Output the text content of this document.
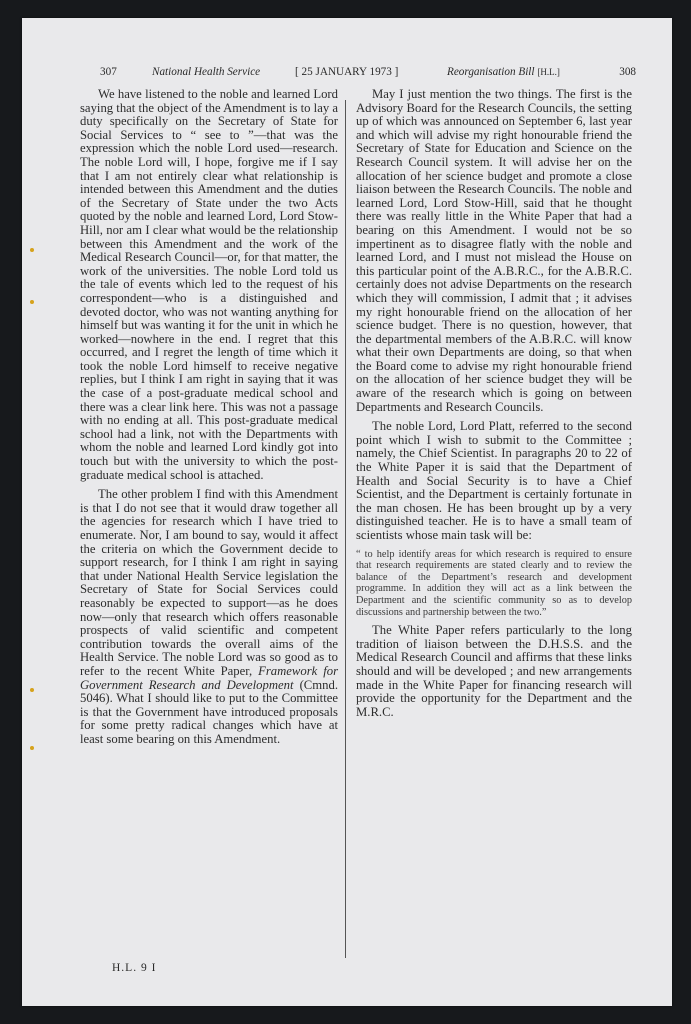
307	National Health Service	[ 25 JANUARY 1973 ]	Reorganisation Bill [H.L.]	308

We have listened to the noble and learned Lord saying that the object of the Amendment is to lay a duty specifically on the Secretary of State for Social Services to “ see to ”—that was the expression which the noble Lord used—research. The noble Lord will, I hope, forgive me if I say that I am not entirely clear what relationship is intended between this Amendment and the duties of the Secretary of State under the two Acts quoted by the noble and learned Lord, Lord Stow-Hill, nor am I clear what would be the relationship between this Amendment and the work of the Medical Research Council—or, for that matter, the work of the universities. The noble Lord told us the tale of events which led to the request of his correspondent—who is a distinguished and devoted doctor, who was not wanting anything for himself but was wanting it for the unit in which he worked—nowhere in the end. I regret that this occurred, and I regret the length of time which it took the noble Lord himself to receive negative replies, but I think I am right in saying that it was the case of a post-graduate medical school and there was a clear link here. This was not a passage with no ending at all. This post-graduate medical school had a link, not with the Departments with whom the noble and learned Lord kindly got into touch but with the university to which the post-graduate medical school is attached.

The other problem I find with this Amendment is that I do not see that it would draw together all the agencies for research which I have tried to enumerate. Nor, I am bound to say, would it affect the criteria on which the Government decide to support research, for I think I am right in saying that under National Health Service legislation the Secretary of State for Social Services could reasonably be expected to support—as he does now—only that research which offers reasonable prospects of valid scientific and competent contribution towards the overall aims of the Health Service. The noble Lord was so good as to refer to the recent White Paper, Framework for Government Research and Development (Cmnd. 5046). What I should like to put to the Committee is that the Government have introduced proposals for some pretty radical changes which have at least some bearing on this Amendment.

May I just mention the two things. The first is the Advisory Board for the Research Councils, the setting up of which was announced on September 6, last year and which will advise my right honourable friend the Secretary of State for Education and Science on the Research Council system. It will advise her on the allocation of her science budget and promote a close liaison between the Research Councils. The noble and learned Lord, Lord Stow-Hill, said that he thought there was really little in the White Paper that had a bearing on this Amendment. I would not be so impertinent as to disagree flatly with the noble and learned Lord, and I must not mislead the House on this particular point of the A.B.R.C., for the A.B.R.C. certainly does not advise Departments on the research which they will commission, I admit that ; it advises my right honourable friend on the allocation of her science budget. There is no question, however, that the departmental members of the A.B.R.C. will know what their own Departments are doing, so that when the Board come to advise my right honourable friend on the allocation of her science budget they will be aware of the research which is going on between Departments and Research Councils.

The noble Lord, Lord Platt, referred to the second point which I wish to submit to the Committee ; namely, the Chief Scientist. In paragraphs 20 to 22 of the White Paper it is said that the Department of Health and Social Security is to have a Chief Scientist, and the Department is certainly fortunate in the man chosen. He has been brought up by a very distinguished teacher. He is to have a small team of scientists whose main task will be:

“ to help identify areas for which research is required to ensure that research requirements are stated clearly and to review the balance of the Department’s research and development programme. In addition they will act as a link between the Department and the scientific community so as to develop discussions and partnership between the two.”

The White Paper refers particularly to the long tradition of liaison between the D.H.S.S. and the Medical Research Council and affirms that these links should and will be developed ; and new arrangements made in the White Paper for financing research will provide the opportunity for the Department and the M.R.C.

H.L. 9 I
